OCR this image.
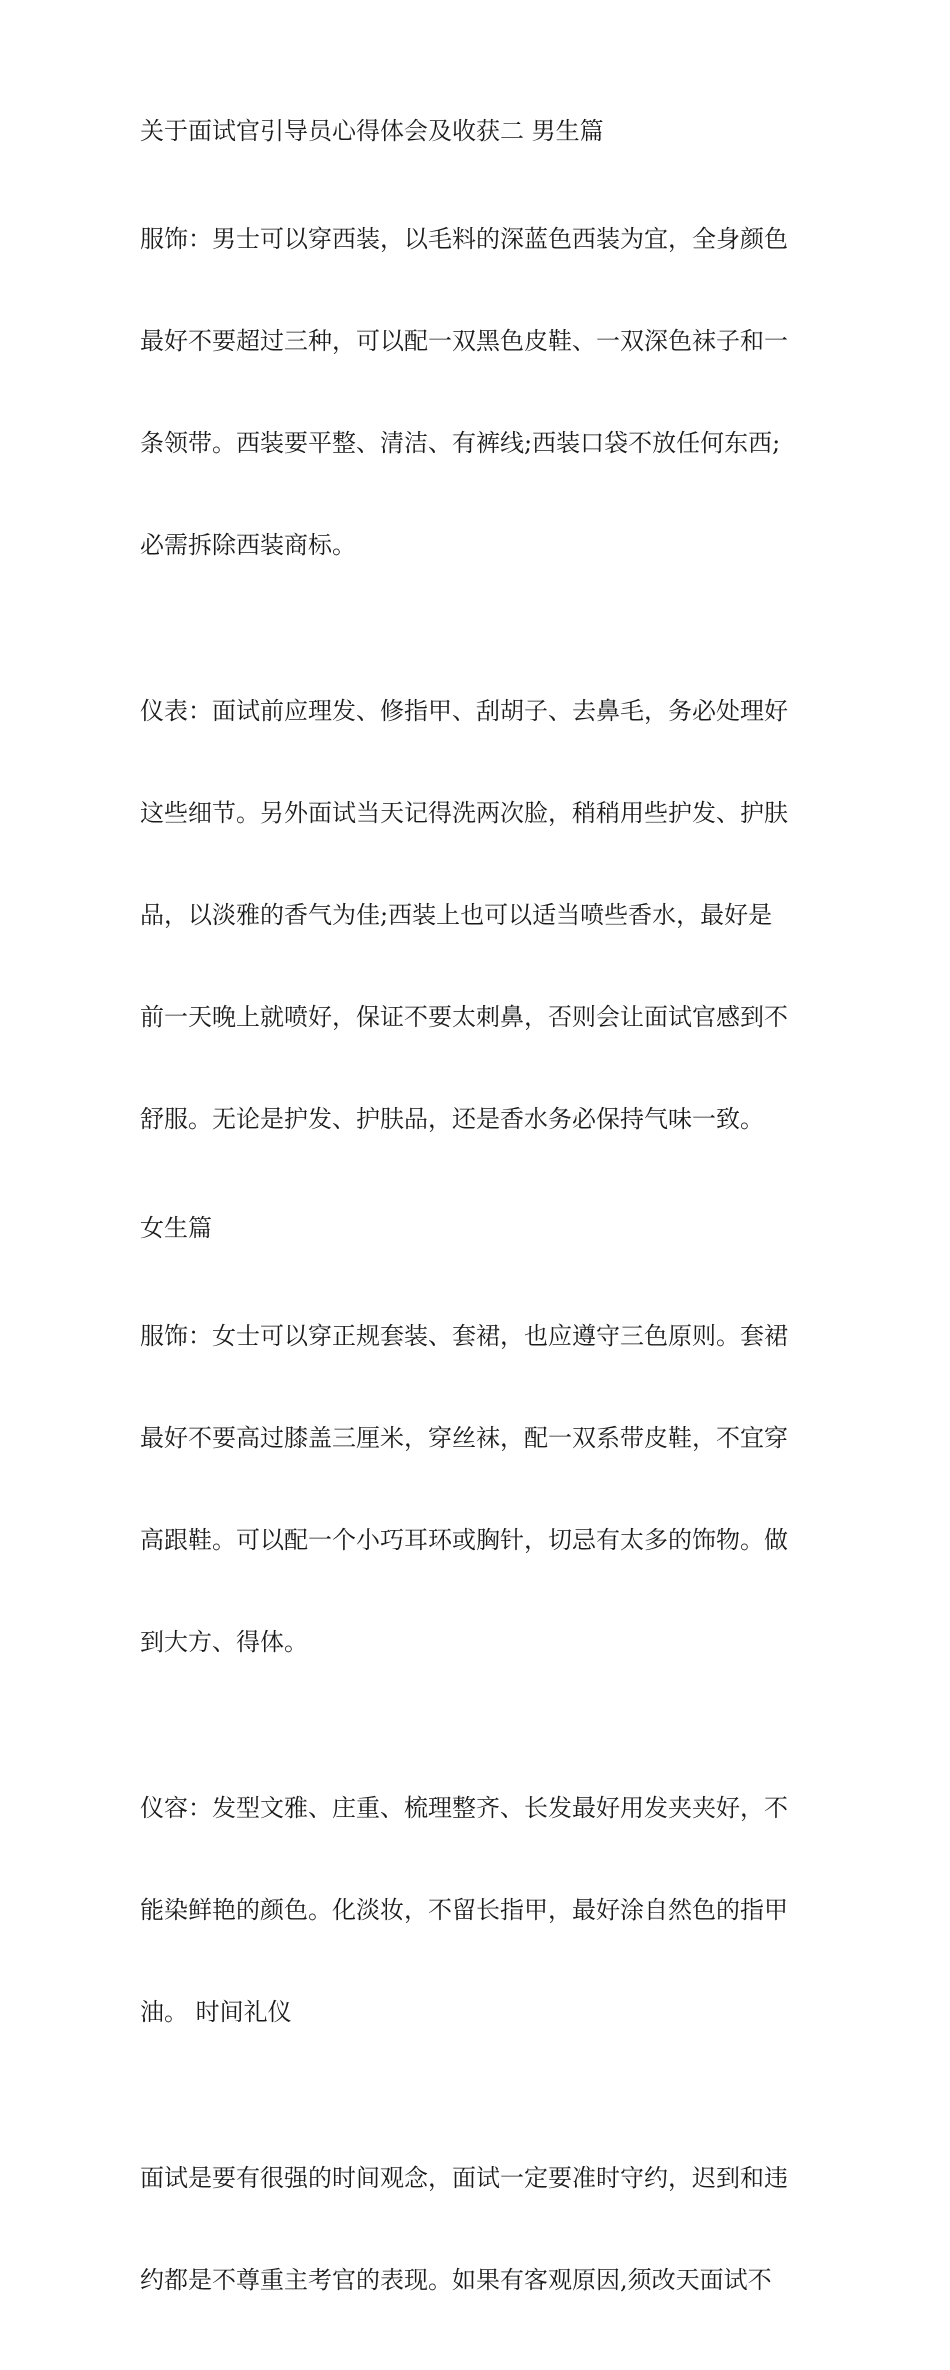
关于面试官引导员心得体会及收获二 男生篇

服饰：男士可以穿西装，以毛料的深蓝色西装为宜，全身颜色

最好不要超过三种，可以配一双黑色皮鞋、一双深色袜子和一

条领带。西装要平整、清洁、有裤线;西装口袋不放任何东西;

必需拆除西装商标。

仪表：面试前应理发、修指甲、刮胡子、去鼻毛，务必处理好

这些细节。另外面试当天记得洗两次脸，稍稍用些护发、护肤

品，以淡雅的香气为佳;西装上也可以适当喷些香水，最好是

前一天晚上就喷好，保证不要太刺鼻，否则会让面试官感到不

舒服。无论是护发、护肤品，还是香水务必保持气味一致。

女生篇

服饰：女士可以穿正规套装、套裙，也应遵守三色原则。套裙

最好不要高过膝盖三厘米，穿丝袜，配一双系带皮鞋，不宜穿

高跟鞋。可以配一个小巧耳环或胸针，切忌有太多的饰物。做

到大方、得体。

仪容：发型文雅、庄重、梳理整齐、长发最好用发夹夹好，不

能染鲜艳的颜色。化淡妆，不留长指甲，最好涂自然色的指甲

油。 时间礼仪

面试是要有很强的时间观念，面试一定要准时守约，迟到和违

约都是不尊重主考官的表现。如果有客观原因,须改天面试不
